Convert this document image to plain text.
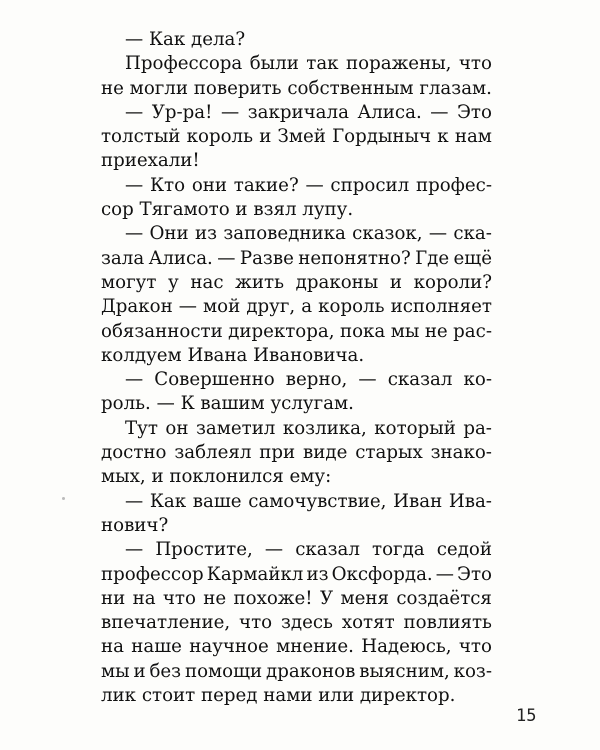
— Как дела?
Профессора были так поражены, что
не могли поверить собственным глазам.
— Ур-ра! — закричала Алиса. — Это
толстый король и Змей Гордыныч к нам
приехали!
— Кто они такие? — спросил профес-
сор Тягамото и взял лупу.
— Они из заповедника сказок, — ска-
зала Алиса. — Разве непонятно? Где ещё
могут у нас жить драконы и короли?
Дракон — мой друг, а король исполняет
обязанности директора, пока мы не рас-
колдуем Ивана Ивановича.
— Совершенно верно, — сказал ко-
роль. — К вашим услугам.
Тут он заметил козлика, который ра-
достно заблеял при виде старых знако-
мых, и поклонился ему:
— Как ваше самочувствие, Иван Ива-
нович?
— Простите, — сказал тогда седой
профессор Кармайкл из Оксфорда. — Это
ни на что не похоже! У меня создаётся
впечатление, что здесь хотят повлиять
на наше научное мнение. Надеюсь, что
мы и без помощи драконов выясним, коз-
лик стоит перед нами или директор.
15
